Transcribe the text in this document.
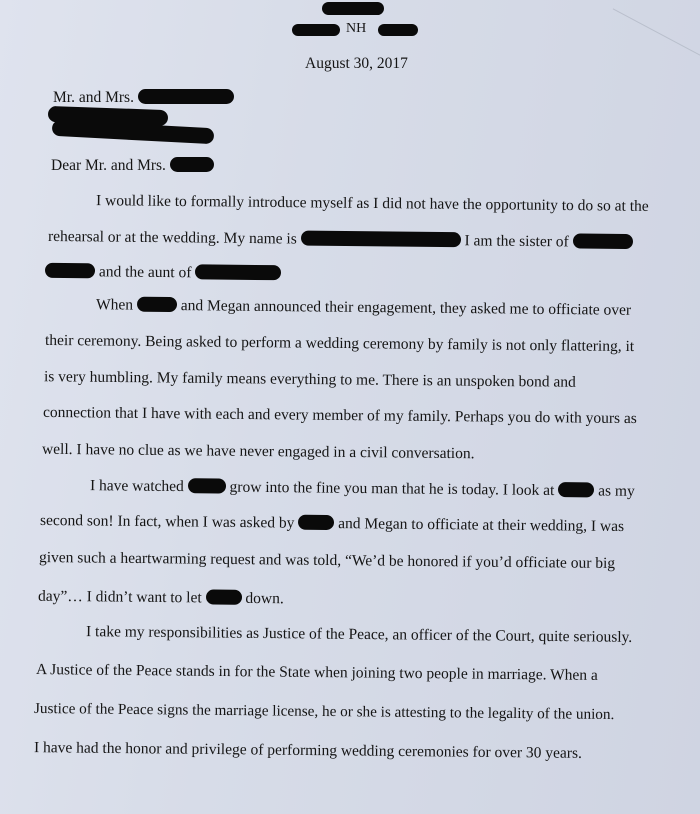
NH
August 30, 2017
Mr. and Mrs.
Dear Mr. and Mrs.
I would like to formally introduce myself as I did not have the opportunity to do so at the
rehearsal or at the wedding. My name is	I am the sister of
and the aunt of
When	and Megan announced their engagement, they asked me to officiate over
their ceremony. Being asked to perform a wedding ceremony by family is not only flattering, it
is very humbling. My family means everything to me. There is an unspoken bond and
connection that I have with each and every member of my family. Perhaps you do with yours as
well. I have no clue as we have never engaged in a civil conversation.
I have watched	grow into the fine you man that he is today. I look at	as my
second son! In fact, when I was asked by	and Megan to officiate at their wedding, I was
given such a heartwarming request and was told, “We’d be honored if you’d officiate our big
day”… I didn’t want to let	down.
I take my responsibilities as Justice of the Peace, an officer of the Court, quite seriously.
A Justice of the Peace stands in for the State when joining two people in marriage. When a
Justice of the Peace signs the marriage license, he or she is attesting to the legality of the union.
I have had the honor and privilege of performing wedding ceremonies for over 30 years.
